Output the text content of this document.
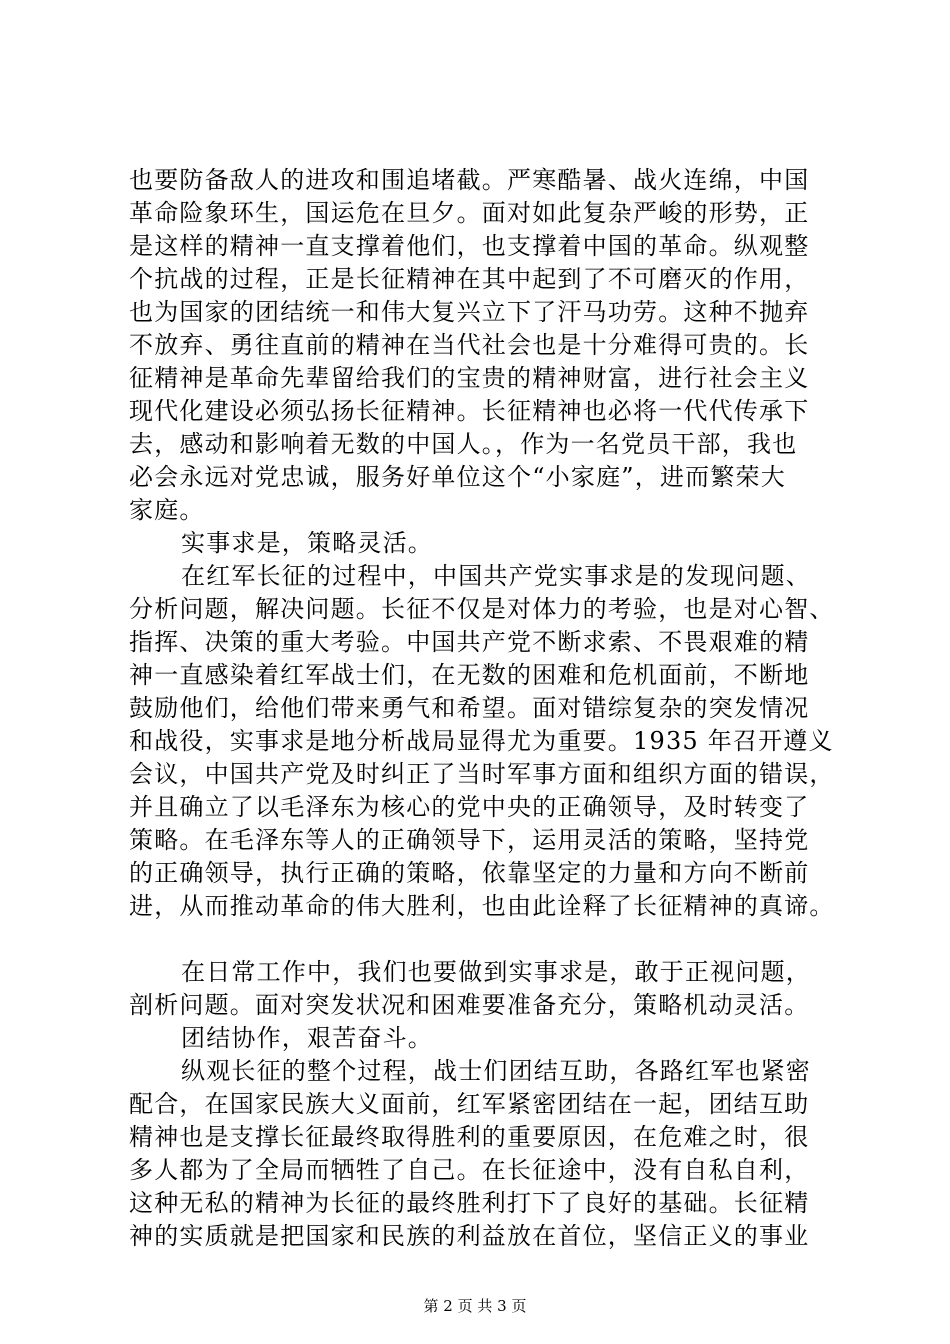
也要防备敌人的进攻和围追堵截。严寒酷暑、战火连绵，中国
革命险象环生，国运危在旦夕。面对如此复杂严峻的形势，正
是这样的精神一直支撑着他们，也支撑着中国的革命。纵观整
个抗战的过程，正是长征精神在其中起到了不可磨灭的作用，
也为国家的团结统一和伟大复兴立下了汗马功劳。这种不抛弃
不放弃、勇往直前的精神在当代社会也是十分难得可贵的。长
征精神是革命先辈留给我们的宝贵的精神财富，进行社会主义
现代化建设必须弘扬长征精神。长征精神也必将一代代传承下
去，感动和影响着无数的中国人。，作为一名党员干部，我也
必会永远对党忠诚，服务好单位这个“小家庭”，进而繁荣大
家庭。
实事求是，策略灵活。
在红军长征的过程中，中国共产党实事求是的发现问题、
分析问题，解决问题。长征不仅是对体力的考验，也是对心智、
指挥、决策的重大考验。中国共产党不断求索、不畏艰难的精
神一直感染着红军战士们，在无数的困难和危机面前，不断地
鼓励他们，给他们带来勇气和希望。面对错综复杂的突发情况
和战役，实事求是地分析战局显得尤为重要。1935 年召开遵义
会议，中国共产党及时纠正了当时军事方面和组织方面的错误，
并且确立了以毛泽东为核心的党中央的正确领导，及时转变了
策略。在毛泽东等人的正确领导下，运用灵活的策略，坚持党
的正确领导，执行正确的策略，依靠坚定的力量和方向不断前
进，从而推动革命的伟大胜利，也由此诠释了长征精神的真谛。
在日常工作中，我们也要做到实事求是，敢于正视问题，
剖析问题。面对突发状况和困难要准备充分，策略机动灵活。
团结协作，艰苦奋斗。
纵观长征的整个过程，战士们团结互助，各路红军也紧密
配合，在国家民族大义面前，红军紧密团结在一起，团结互助
精神也是支撑长征最终取得胜利的重要原因，在危难之时，很
多人都为了全局而牺牲了自己。在长征途中，没有自私自利，
这种无私的精神为长征的最终胜利打下了良好的基础。长征精
神的实质就是把国家和民族的利益放在首位，坚信正义的事业
第 2 页 共 3 页
